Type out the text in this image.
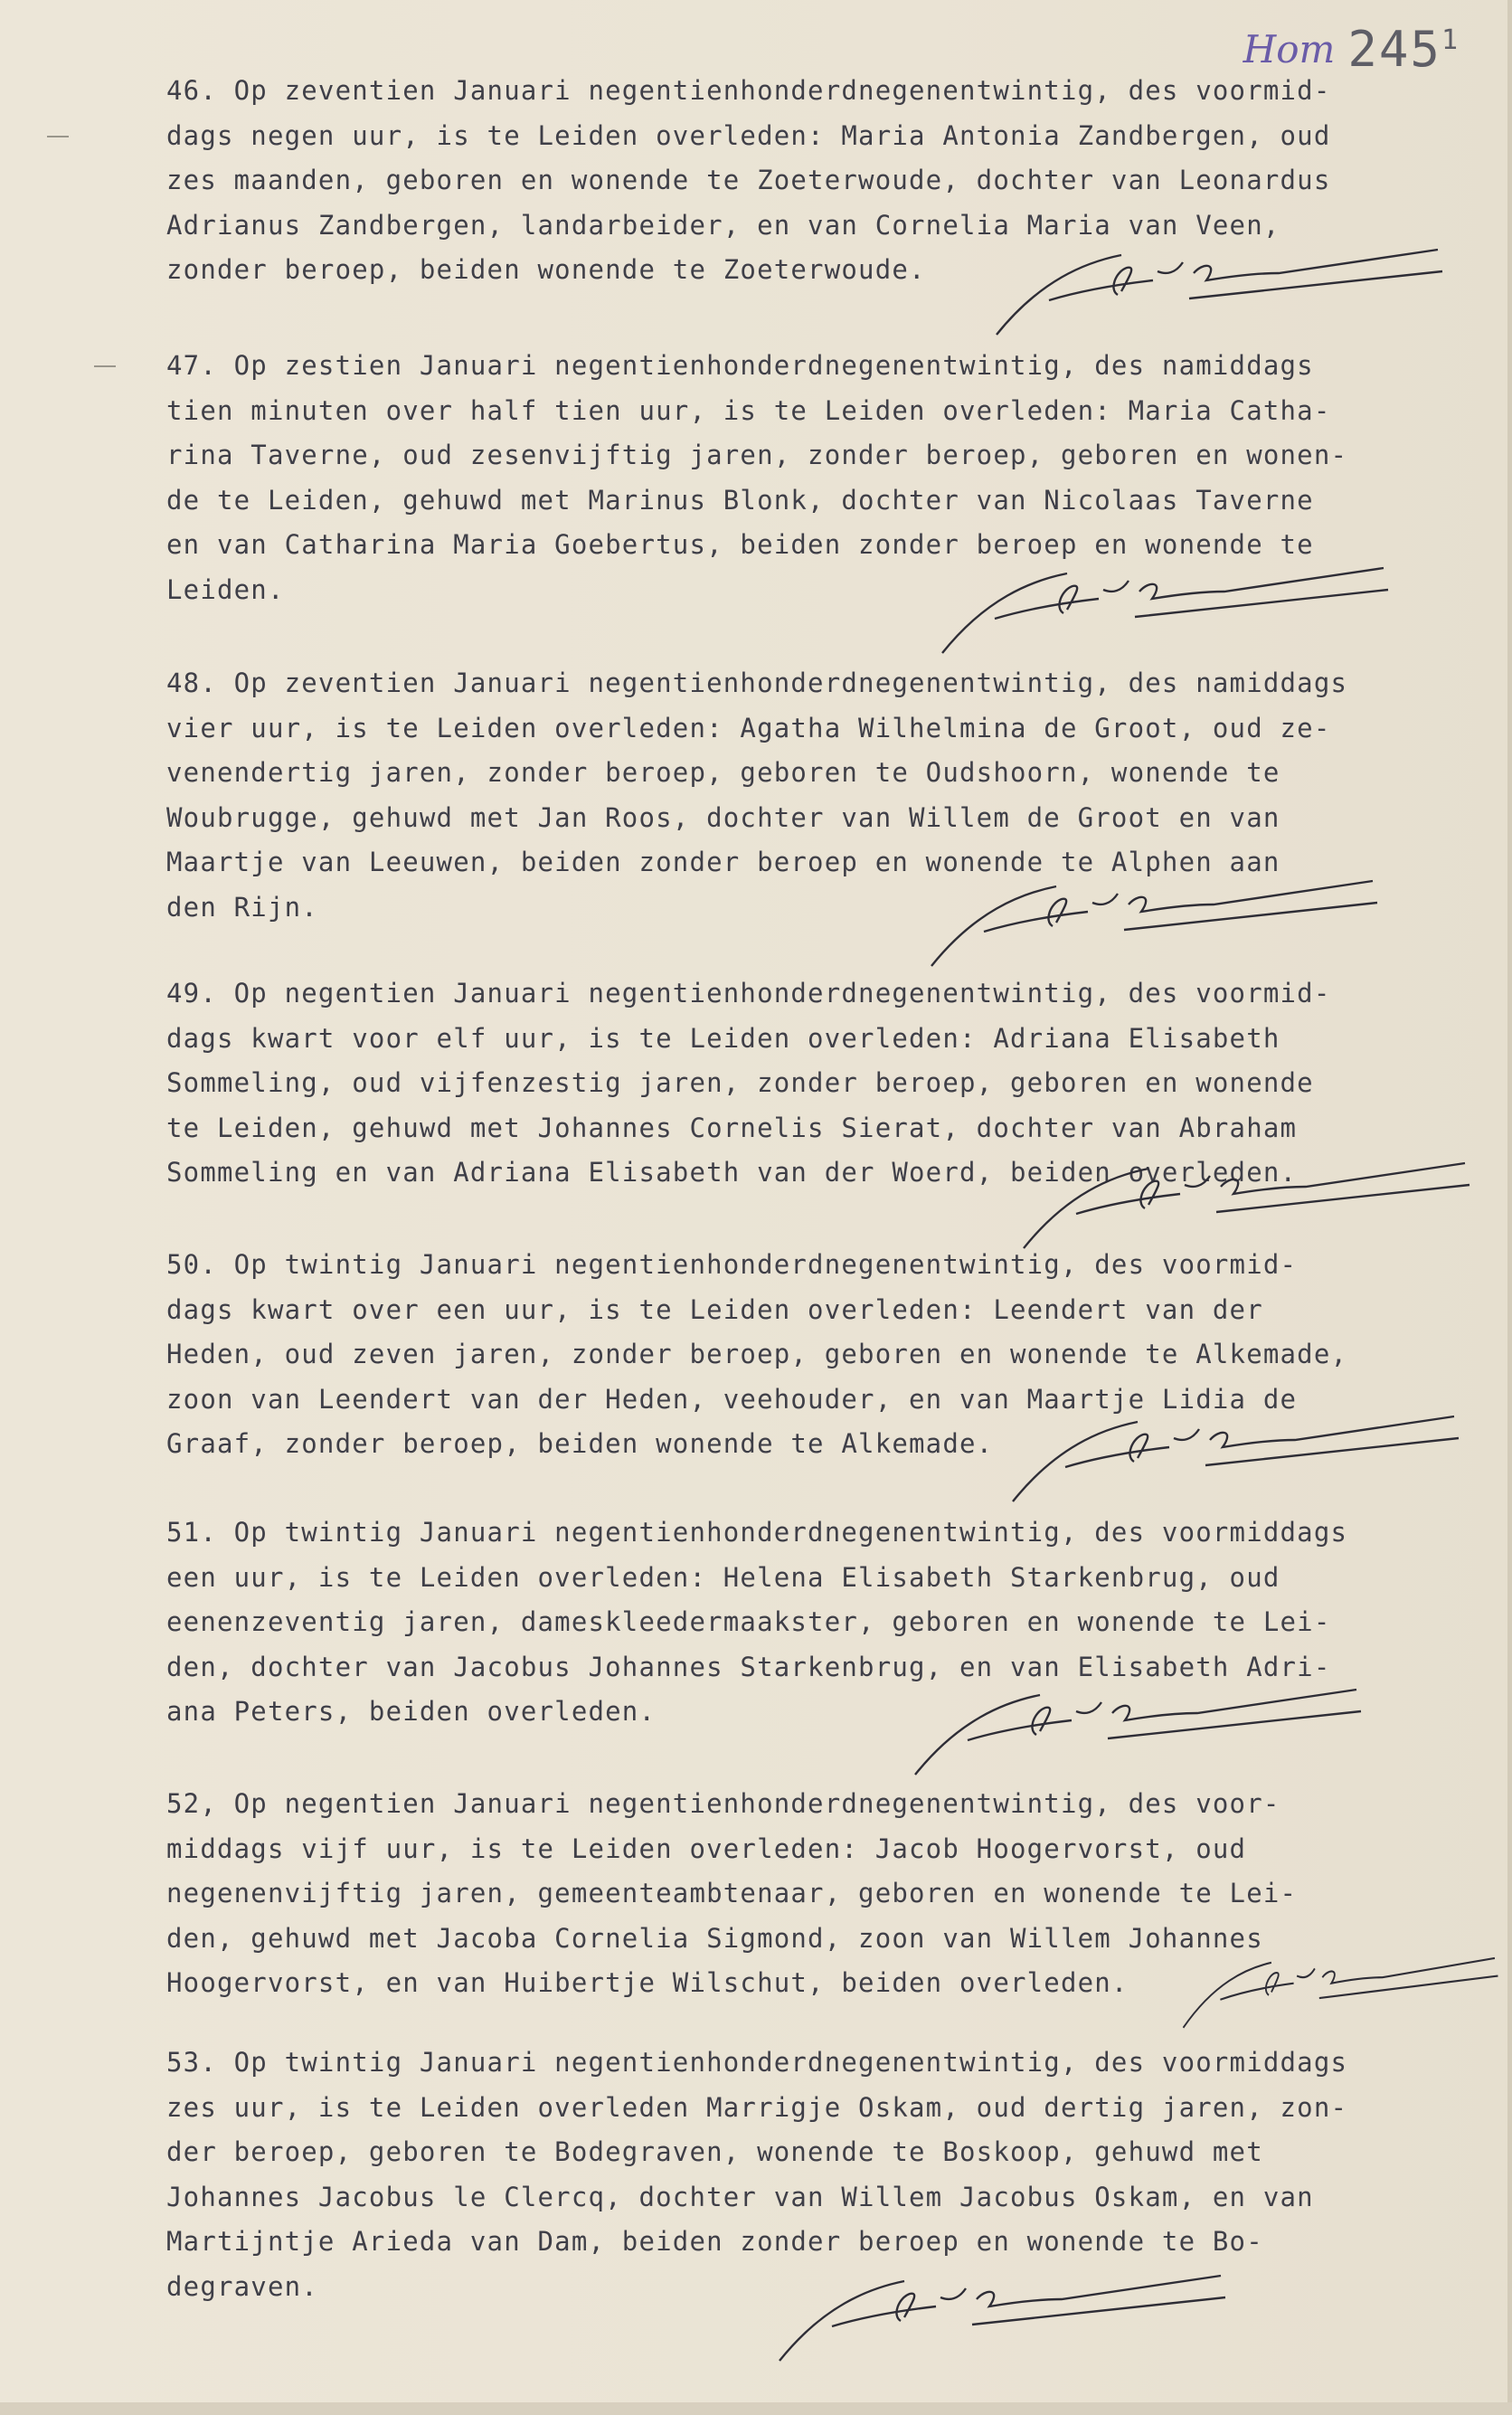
Hom $245^1$
46. Op zeventien Januari negentienhonderdnegenentwintig, des voormid-
dags negen uur, is te Leiden overleden: Maria Antonia Zandbergen, oud
zes maanden, geboren en wonende te Zoeterwoude, dochter van Leonardus
Adrianus Zandbergen, landarbeider, en van Cornelia Maria van Veen,
zonder beroep, beiden wonende te Zoeterwoude.
47. Op zestien Januari negentienhonderdnegenentwintig, des namiddags
tien minuten over half tien uur, is te Leiden overleden: Maria Catha-
rina Taverne, oud zesenvijftig jaren, zonder beroep, geboren en wonen-
de te Leiden, gehuwd met Marinus Blonk, dochter van Nicolaas Taverne
en van Catharina Maria Goebertus, beiden zonder beroep en wonende te
Leiden.
48. Op zeventien Januari negentienhonderdnegenentwintig, des namiddags
vier uur, is te Leiden overleden: Agatha Wilhelmina de Groot, oud ze-
venendertig jaren, zonder beroep, geboren te Oudshoorn, wonende te
Woubrugge, gehuwd met Jan Roos, dochter van Willem de Groot en van
Maartje van Leeuwen, beiden zonder beroep en wonende te Alphen aan
den Rijn.
49. Op negentien Januari negentienhonderdnegenentwintig, des voormid-
dags kwart voor elf uur, is te Leiden overleden: Adriana Elisabeth
Sommeling, oud vijfenzestig jaren, zonder beroep, geboren en wonende
te Leiden, gehuwd met Johannes Cornelis Sierat, dochter van Abraham
Sommeling en van Adriana Elisabeth van der Woerd, beiden overleden.
50. Op twintig Januari negentienhonderdnegenentwintig, des voormid-
dags kwart over een uur, is te Leiden overleden: Leendert van der
Heden, oud zeven jaren, zonder beroep, geboren en wonende te Alkemade,
zoon van Leendert van der Heden, veehouder, en van Maartje Lidia de
Graaf, zonder beroep, beiden wonende te Alkemade.
51. Op twintig Januari negentienhonderdnegenentwintig, des voormiddags
een uur, is te Leiden overleden: Helena Elisabeth Starkenbrug, oud
eenenzeventig jaren, dameskleedermaakster, geboren en wonende te Lei-
den, dochter van Jacobus Johannes Starkenbrug, en van Elisabeth Adri-
ana Peters, beiden overleden.
52, Op negentien Januari negentienhonderdnegenentwintig, des voor-
middags vijf uur, is te Leiden overleden: Jacob Hoogervorst, oud
negenenvijftig jaren, gemeenteambtenaar, geboren en wonende te Lei-
den, gehuwd met Jacoba Cornelia Sigmond, zoon van Willem Johannes
Hoogervorst, en van Huibertje Wilschut, beiden overleden.
53. Op twintig Januari negentienhonderdnegenentwintig, des voormiddags
zes uur, is te Leiden overleden Marrigje Oskam, oud dertig jaren, zon-
der beroep, geboren te Bodegraven, wonende te Boskoop, gehuwd met
Johannes Jacobus le Clercq, dochter van Willem Jacobus Oskam, en van
Martijntje Arieda van Dam, beiden zonder beroep en wonende te Bo-
degraven.
